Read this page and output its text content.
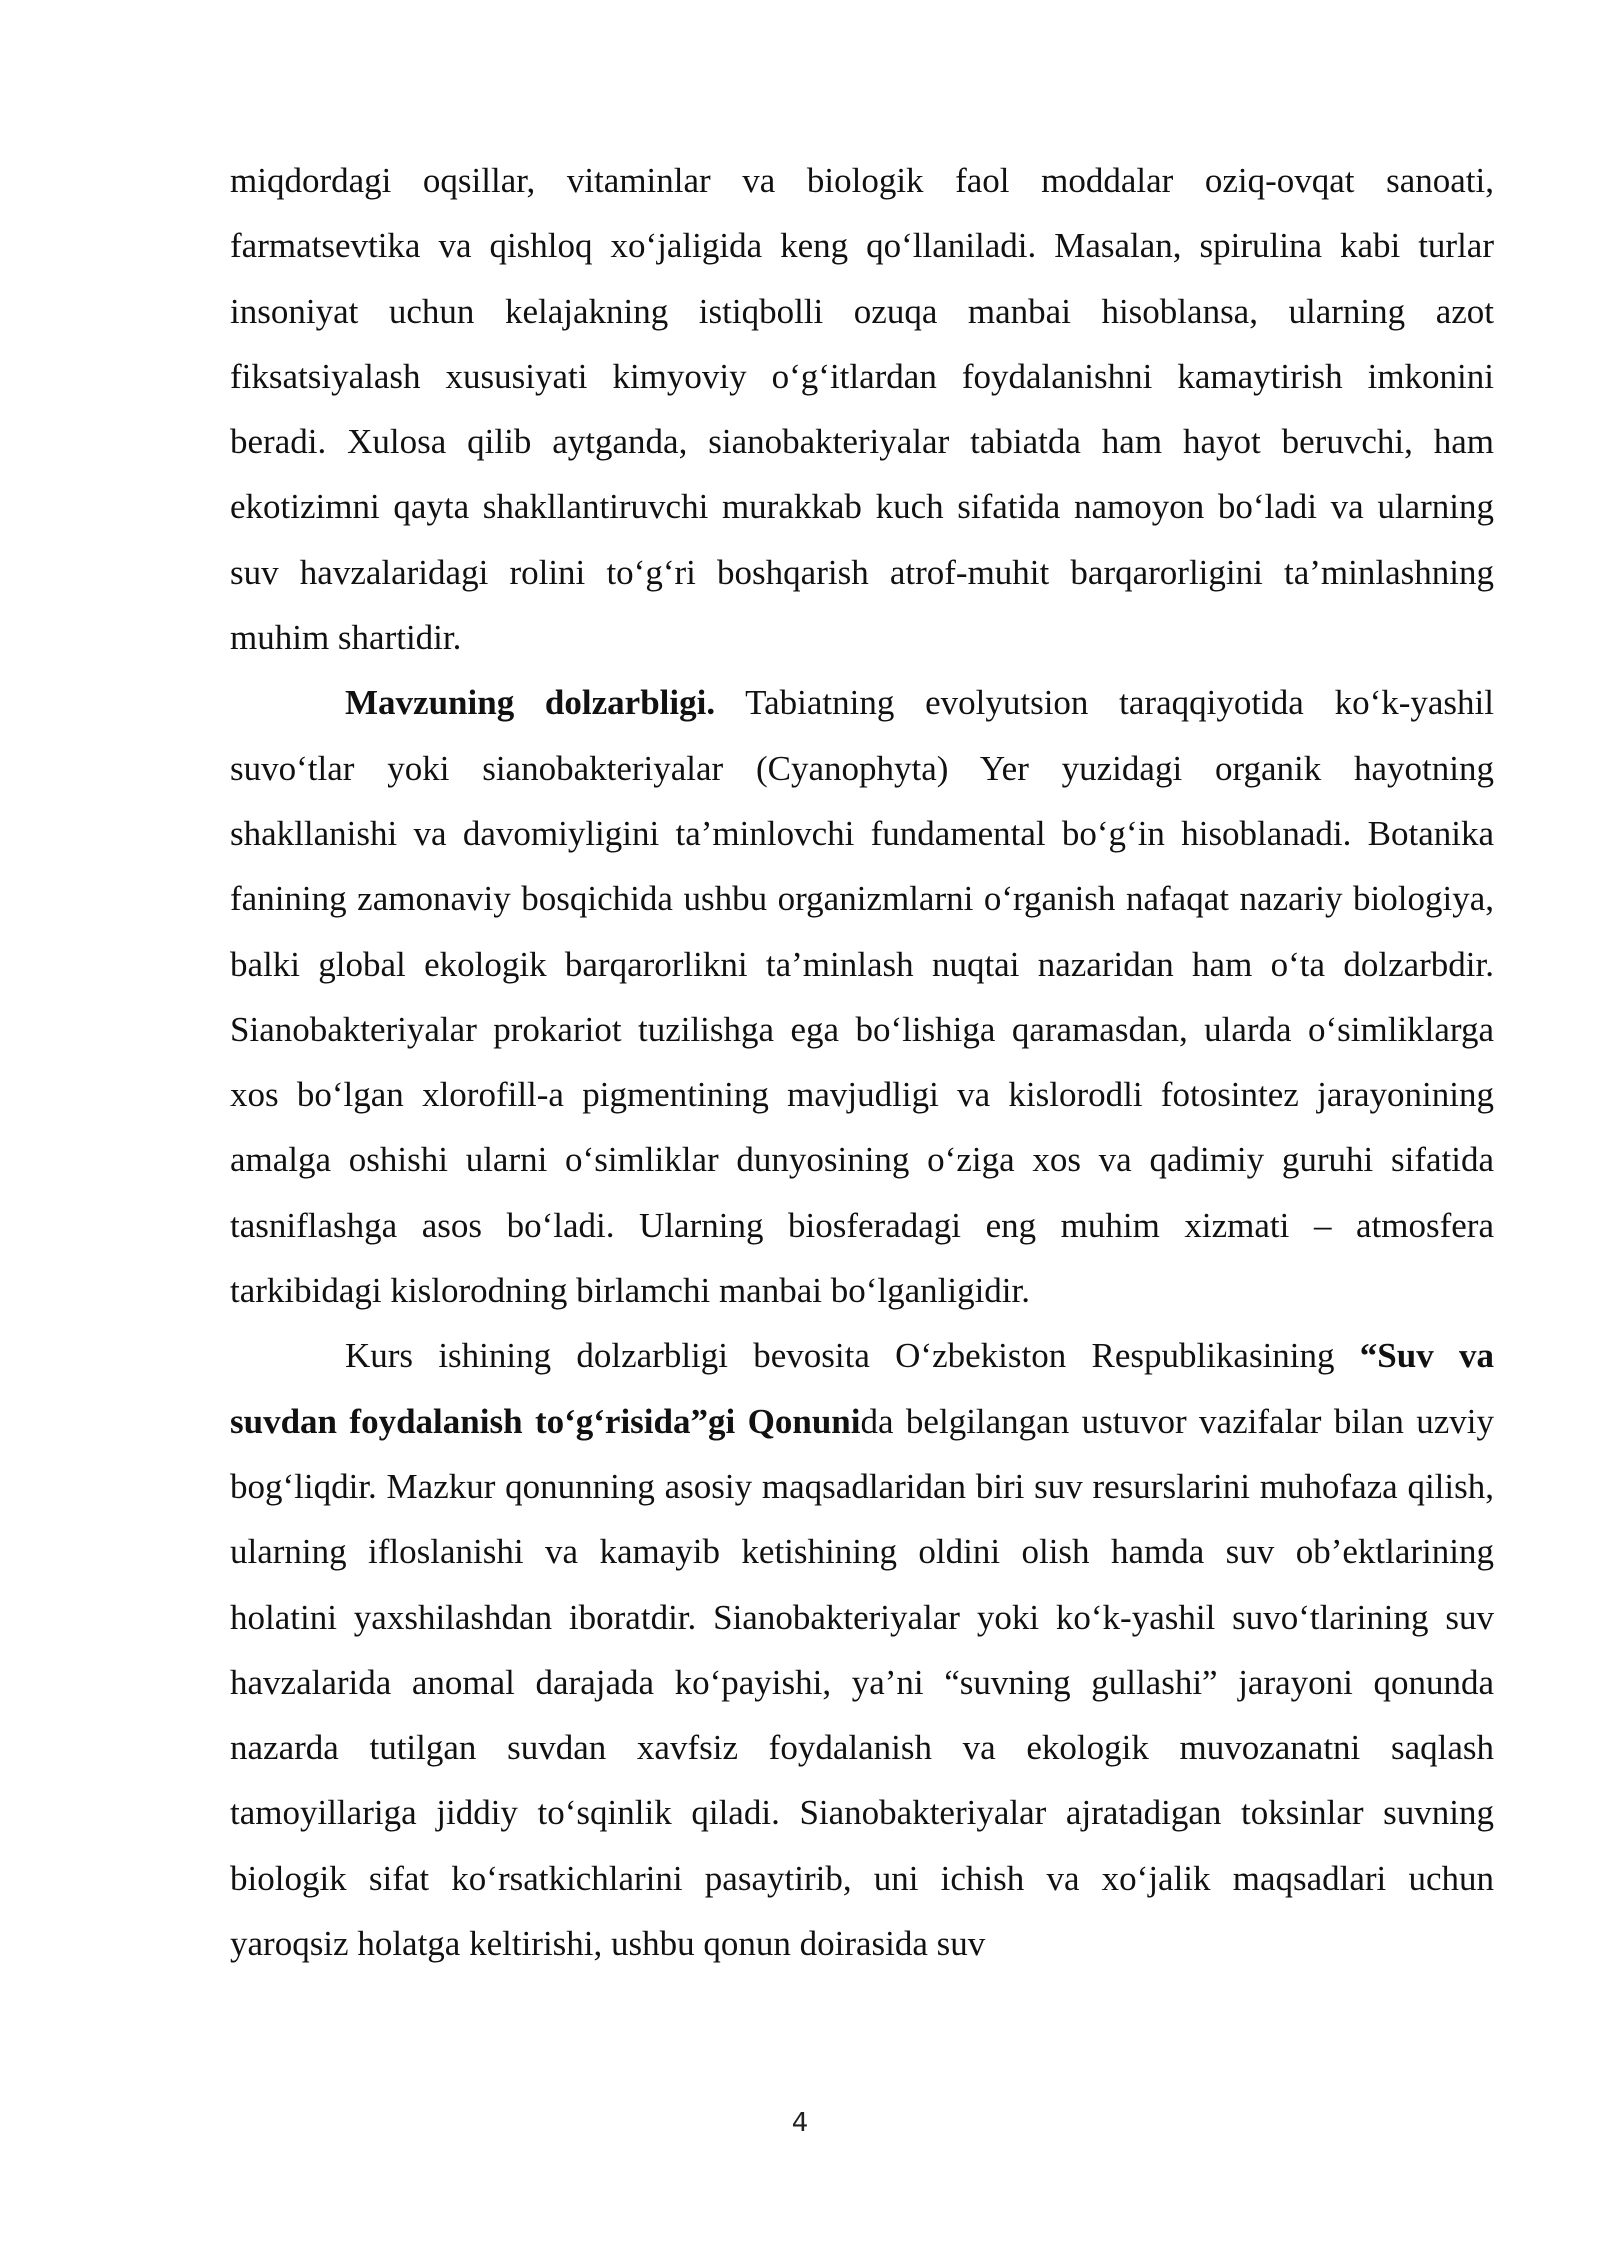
miqdordagi oqsillar, vitaminlar va biologik faol moddalar oziq-ovqat sanoati, farmatsevtika va qishloq xo‘jaligida keng qo‘llaniladi. Masalan, spirulina kabi turlar insoniyat uchun kelajakning istiqbolli ozuqa manbai hisoblansa, ularning azot fiksatsiyalash xususiyati kimyoviy o‘g‘itlardan foydalanishni kamaytirish imkonini beradi. Xulosa qilib aytganda, sianobakteriyalar tabiatda ham hayot beruvchi, ham ekotizimni qayta shakllantiruvchi murakkab kuch sifatida namoyon bo‘ladi va ularning suv havzalaridagi rolini to‘g‘ri boshqarish atrof-muhit barqarorligini ta’minlashning muhim shartidir.

Mavzuning dolzarbligi. Tabiatning evolyutsion taraqqiyotida ko‘k-yashil suvo‘tlar yoki sianobakteriyalar (Cyanophyta) Yer yuzidagi organik hayotning shakllanishi va davomiyligini ta’minlovchi fundamental bo‘g‘in hisoblanadi. Botanika fanining zamonaviy bosqichida ushbu organizmlarni o‘rganish nafaqat nazariy biologiya, balki global ekologik barqarorlikni ta’minlash nuqtai nazaridan ham o‘ta dolzarbdir. Sianobakteriyalar prokariot tuzilishga ega bo‘lishiga qaramasdan, ularda o‘simliklarga xos bo‘lgan xlorofill-a pigmentining mavjudligi va kislorodli fotosintez jarayonining amalga oshishi ularni o‘simliklar dunyosining o‘ziga xos va qadimiy guruhi sifatida tasniflashga asos bo‘ladi. Ularning biosferadagi eng muhim xizmati – atmosfera tarkibidagi kislorodning birlamchi manbai bo‘lganligidir.

Kurs ishining dolzarbligi bevosita O‘zbekiston Respublikasining “Suv va suvdan foydalanish to‘g‘risida”gi Qonunida belgilangan ustuvor vazifalar bilan uzviy bog‘liqdir. Mazkur qonunning asosiy maqsadlaridan biri suv resurslarini muhofaza qilish, ularning ifloslanishi va kamayib ketishining oldini olish hamda suv ob’ektlarining holatini yaxshilashdan iboratdir. Sianobakteriyalar yoki ko‘k-yashil suvo‘tlarining suv havzalarida anomal darajada ko‘payishi, ya’ni “suvning gullashi” jarayoni qonunda nazarda tutilgan suvdan xavfsiz foydalanish va ekologik muvozanatni saqlash tamoyillariga jiddiy to‘sqinlik qiladi. Sianobakteriyalar ajratadigan toksinlar suvning biologik sifat ko‘rsatkichlarini pasaytirib, uni ichish va xo‘jalik maqsadlari uchun yaroqsiz holatga keltirishi, ushbu qonun doirasida suv

4
